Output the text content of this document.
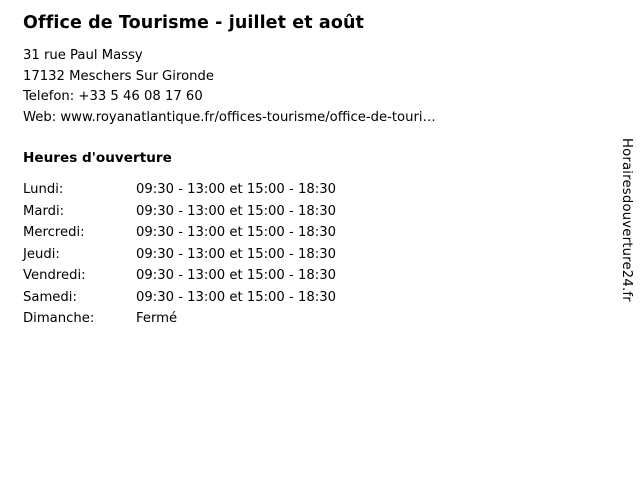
Office de Tourisme - juillet et août
31 rue Paul Massy
17132 Meschers Sur Gironde
Telefon: +33 5 46 08 17 60
Web: www.royanatlantique.fr/offices-tourisme/office-de-touri…
Heures d'ouverture
Lundi:	09:30 - 13:00 et 15:00 - 18:30
Mardi:	09:30 - 13:00 et 15:00 - 18:30
Mercredi:	09:30 - 13:00 et 15:00 - 18:30
Jeudi:	09:30 - 13:00 et 15:00 - 18:30
Vendredi:	09:30 - 13:00 et 15:00 - 18:30
Samedi:	09:30 - 13:00 et 15:00 - 18:30
Dimanche:	Fermé
Horairesdouverture24.fr
